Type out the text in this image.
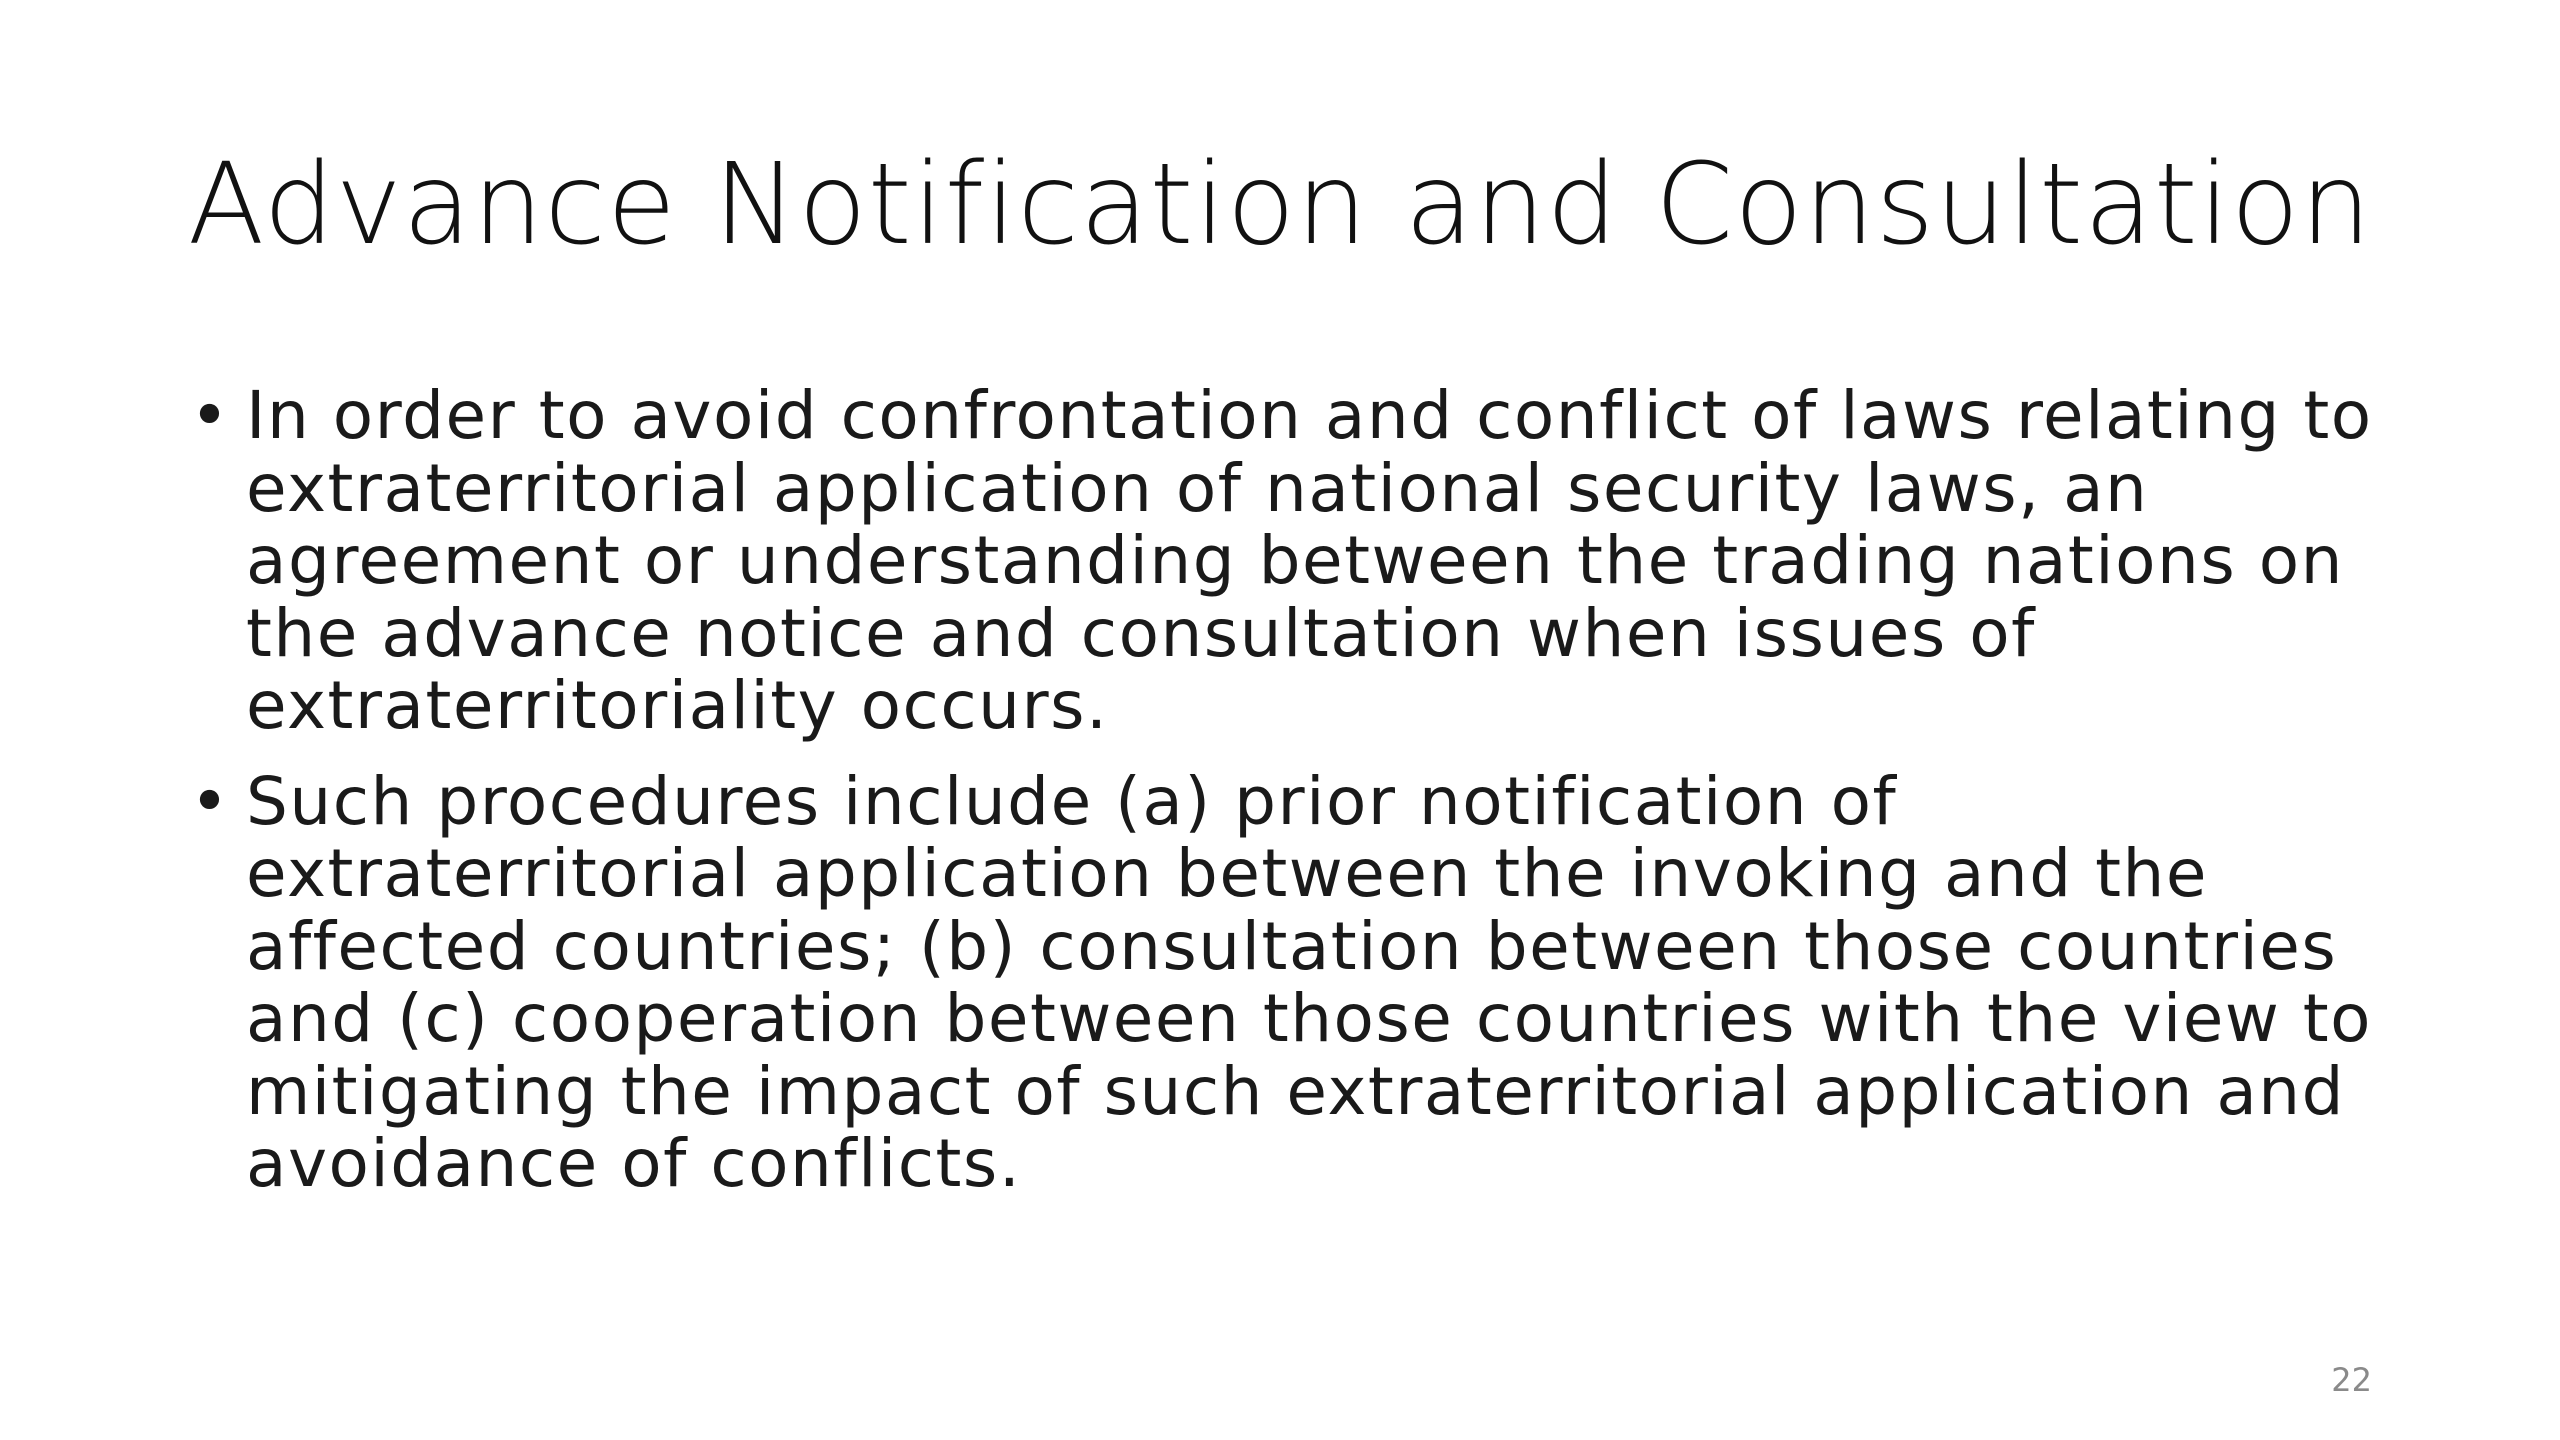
Advance Notification and Consultation
• In order to avoid confrontation and conflict of laws relating to extraterritorial application of national security laws, an agreement or understanding between the trading nations on the advance notice and consultation when issues of extraterritoriality occurs.
• Such procedures include (a) prior notification of extraterritorial application between the invoking and the affected countries; (b) consultation between those countries and (c) cooperation between those countries with the view to mitigating the impact of such extraterritorial application and avoidance of conflicts.
22
